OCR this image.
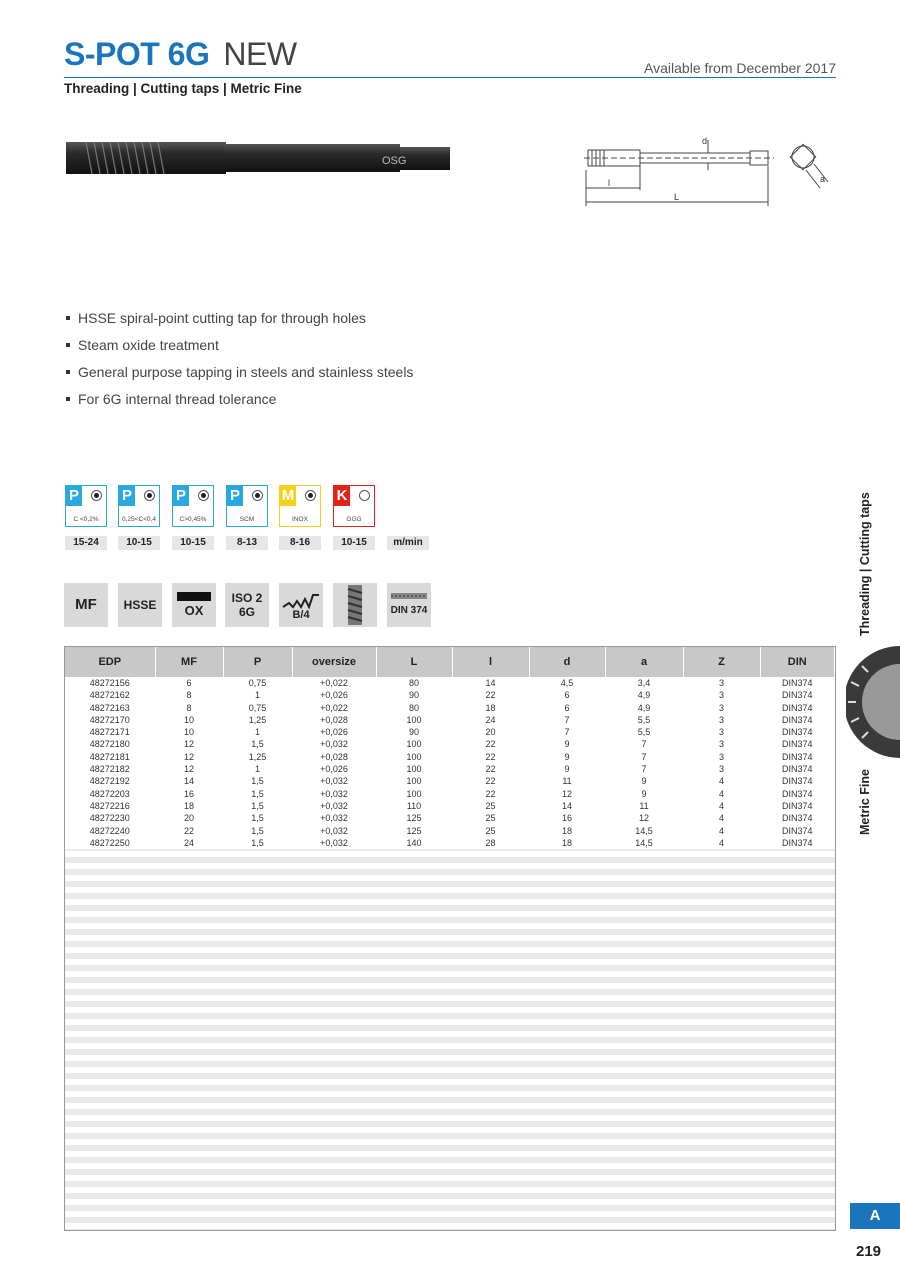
S-POT 6G NEW	Available from December 2017
Threading | Cutting taps | Metric Fine
OSG
d
l
L
a
HSSE spiral-point cutting tap for through holes
Steam oxide treatment
General purpose tapping in steels and stainless steels
For 6G internal thread tolerance
P
C <0,2%
P
0,25<C<0,4
P
C>0,45%
P
SCM
M
INOX
K
GGG
15-24	10-15	10-15	8-13	8-16	10-15	m/min
MF	HSSE	OX
ISO 2
6G	B/4	DIN 374
EDP	MF	P	oversize	L	l	d	a	Z	DIN
48272156	6	0,75	+0,022	80	14	4,5	3,4	3	DIN374
48272162	8	1	+0,026	90	22	6	4,9	3	DIN374
48272163	8	0,75	+0,022	80	18	6	4,9	3	DIN374
48272170	10	1,25	+0,028	100	24	7	5,5	3	DIN374
48272171	10	1	+0,026	90	20	7	5,5	3	DIN374
48272180	12	1,5	+0,032	100	22	9	7	3	DIN374
48272181	12	1,25	+0,028	100	22	9	7	3	DIN374
48272182	12	1	+0,026	100	22	9	7	3	DIN374
48272192	14	1,5	+0,032	100	22	11	9	4	DIN374
48272203	16	1,5	+0,032	100	22	12	9	4	DIN374
48272216	18	1,5	+0,032	110	25	14	11	4	DIN374
48272230	20	1,5	+0,032	125	25	16	12	4	DIN374
48272240	22	1,5	+0,032	125	25	18	14,5	4	DIN374
48272250	24	1,5	+0,032	140	28	18	14,5	4	DIN374
Threading | Cutting taps
Metric Fine
A
219
